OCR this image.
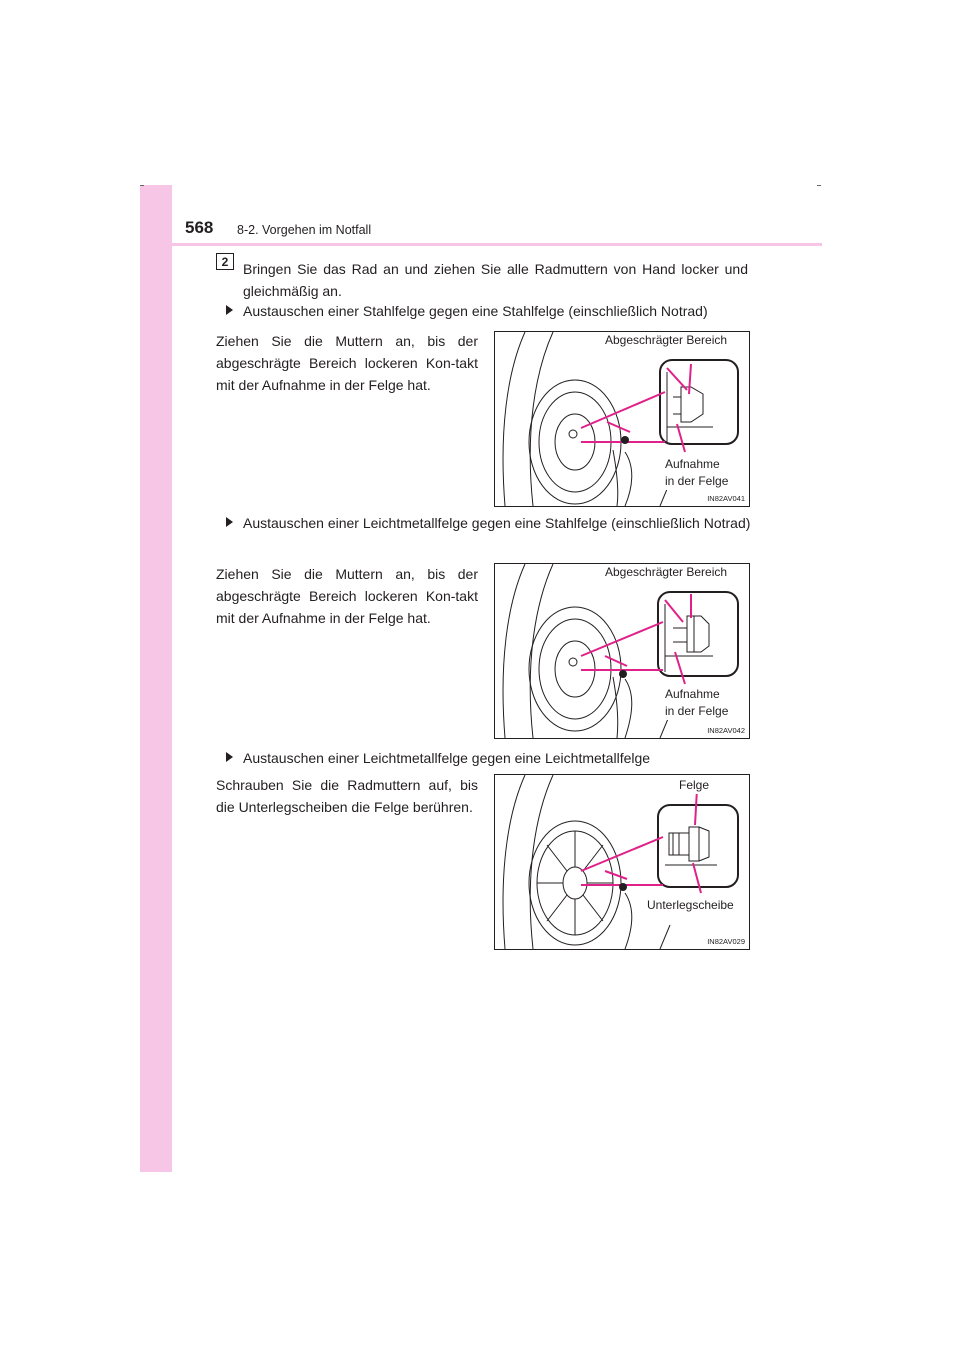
568 8-2. Vorgehen im Notfall
2	Bringen Sie das Rad an und ziehen Sie alle Radmuttern von Hand locker und gleichmäßig an.
Austauschen einer Stahlfelge gegen eine Stahlfelge (einschließlich Notrad)
Ziehen Sie die Muttern an, bis der abgeschrägte Bereich lockeren Kon-takt mit der Aufnahme in der Felge hat.
Abgeschrägter Bereich
Aufnahme
in der Felge
IN82AV041
Austauschen einer Leichtmetallfelge gegen eine Stahlfelge (einschließlich Notrad)
Ziehen Sie die Muttern an, bis der abgeschrägte Bereich lockeren Kon-takt mit der Aufnahme in der Felge hat.
Abgeschrägter Bereich
Aufnahme
in der Felge
IN82AV042
Austauschen einer Leichtmetallfelge gegen eine Leichtmetallfelge
Schrauben Sie die Radmuttern auf, bis die Unterlegscheiben die Felge berühren.
Felge
Unterlegscheibe
IN82AV029
